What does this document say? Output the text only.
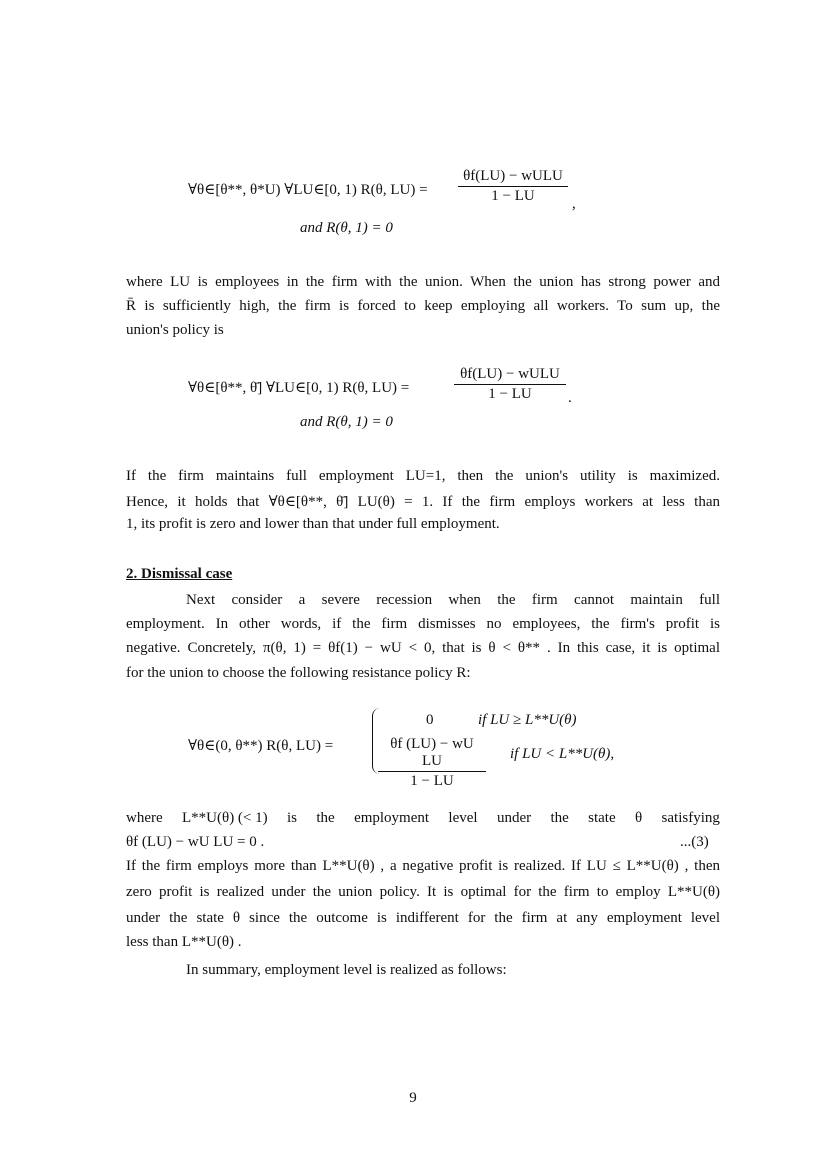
∀θ∈[θ**, θ*U) ∀LU∈[0, 1) R(θ, LU) =
θf(LU) − wULU
1 − LU	,
and R(θ, 1) = 0
where LU is employees in the firm with the union. When the union has strong power and
R̄ is sufficiently high, the firm is forced to keep employing all workers. To sum up, the
union's policy is
∀θ∈[θ**, θ̄] ∀LU∈[0, 1) R(θ, LU) =
θf(LU) − wULU
1 − LU	.
and R(θ, 1) = 0
If the firm maintains full employment LU=1, then the union's utility is maximized.
Hence, it holds that ∀θ∈[θ**, θ̄] LU(θ) = 1. If the firm employs workers at less than
1, its profit is zero and lower than that under full employment.
2. Dismissal case
Next consider a severe recession when the firm cannot maintain full
employment. In other words, if the firm dismisses no employees, the firm's profit is
negative. Concretely, π(θ, 1) = θf(1) − wU < 0, that is θ < θ** . In this case, it is optimal
for the union to choose the following resistance policy R:
∀θ∈(0, θ**) R(θ, LU) =
0	if LU ≥ L**U(θ)
θf (LU) − wU LU
1 − LU
if LU < L**U(θ),
where L**U(θ) (< 1) is the employment level under the state θ satisfying
θf (LU) − wU LU = 0 .	...(3)
If the firm employs more than L**U(θ) , a negative profit is realized. If LU ≤ L**U(θ) , then
zero profit is realized under the union policy. It is optimal for the firm to employ L**U(θ)
under the state θ since the outcome is indifferent for the firm at any employment level
less than L**U(θ) .
In summary, employment level is realized as follows:
9
